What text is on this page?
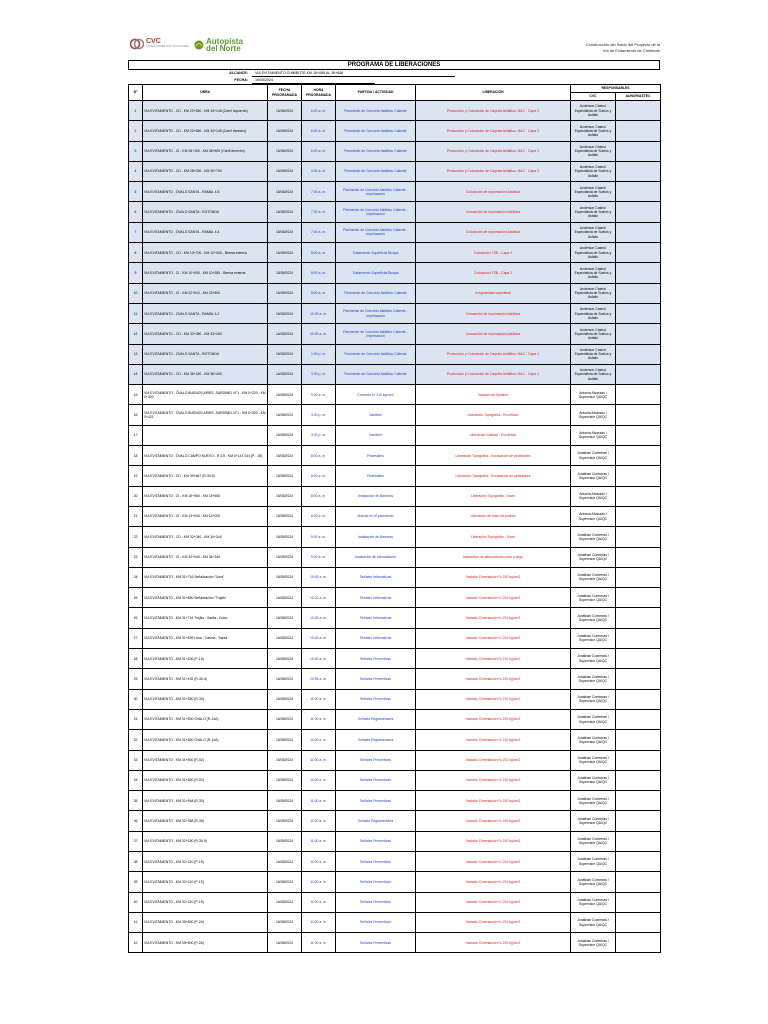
CVC
CONCESIONES VIAL SOLUCIONES
Autopista
del Norte	Construcción del Saldo del Proyecto de la
Vía de Evitamiento de Chimbote
PROGRAMA DE LIBERACIONES
ALCANCE:	VIA EVITAMIENTO CHIMBOTE KM 18+088 AL 38+688
FECHA:	16/05/2024
N°	OBRA	FECHA PROGRAMADA	HORA PROGRAMADA	PARTIDA / ACTIVIDAD	LIBERACIÓN	RESPONSABLES	
						CVC	AUNOR/ASTEC
1	VIA EVITAMIENTO - CD - KM 23+650 - KM 34+145 (Carril izquierdo)	16/05/2024	6:00 a. m.	Pavimento de Concreto Asfáltico Caliente	Producción y Colocación de Carpeta Asfáltica, MAC - Capa 2	Anderson Castro/ Especialista de Suelos y Asfalto	
2	VIA EVITAMIENTO - CD - KM 23+650 - KM 34+145 (Carril derecho)	16/05/2024	6:00 a. m.	Pavimento de Concreto Asfáltico Caliente	Producción y Colocación de Carpeta Asfáltica, MAC - Capa 2	Anderson Castro/ Especialista de Suelos y Asfalto	
3	VIA EVITAMIENTO - CI - KM 28+150 - KM 38+600 (Carril derecho)	16/05/2024	6:00 a. m.	Pavimento de Concreto Asfáltico Caliente	Producción y Colocación de Carpeta Asfáltica, MAC - Capa 1	Anderson Castro/ Especialista de Suelos y Asfalto	
4	VIA EVITAMIENTO - CD - KM 28+030 - KM 30+700	16/05/2024	4:30 a. m.	Pavimento de Concreto Asfáltico Caliente	Producción y Colocación de Carpeta Asfáltica, MAC - Capa 2	Anderson Castro/ Especialista de Suelos y Asfalto	
5	VIA EVITAMIENTO - ÓVALO SANTA - RAMAL 4.5	16/05/2024	7:00 a. m.	Pavimento de Concreto Asfáltico Caliente - Imprimación	Colocación de Imprimación Asfáltica	Anderson Castro/ Especialista de Suelos y Asfalto	
6	VIA EVITAMIENTO - ÓVALO SANTA - ROTONDA	16/05/2024	7:30 a. m.	Pavimento de Concreto Asfáltico Caliente - Imprimación	Colocación de Imprimación Asfáltica	Anderson Castro/ Especialista de Suelos y Asfalto	
7	VIA EVITAMIENTO - ÓVALO SANTA - RAMAL 4.4	16/05/2024	7:40 a. m.	Pavimento de Concreto Asfáltico Caliente - Imprimación	Colocación de Imprimación Asfáltica	Anderson Castro/ Especialista de Suelos y Asfalto	
8	VIA EVITAMIENTO - CD - KM 10+700 - KM 12+000 - Berma externa	16/05/2024	8:00 a. m.	Tratamiento Superficial Bicapa	Colocación TSB - Capa 2	Anderson Castro/ Especialista de Suelos y Asfalto	
9	VIA EVITAMIENTO - CI - KM 10+000 - KM 10+350 - Berma externa	16/05/2024	8:00 a. m.	Tratamiento Superficial Bicapa	Colocación TSB - Capa 2	Anderson Castro/ Especialista de Suelos y Asfalto	
10	VIA EVITAMIENTO - CI - KM 22+010 - KM 23+600	16/05/2024	8:00 a. m.	Pavimento de Concreto Asfáltico Caliente	Irregularidad superficial	Anderson Castro/ Especialista de Suelos y Asfalto	
11	VIA EVITAMIENTO - ÓVALO SANTA - RAMAL 4.2	16/05/2024	10:00 a. m.	Pavimento de Concreto Asfáltico Caliente - Imprimación	Colocación de Imprimación Asfáltica	Anderson Castro/ Especialista de Suelos y Asfalto	
12	VIA EVITAMIENTO - CD - KM 32+080 - KM 33+160	16/05/2024	10:00 a. m.	Pavimento de Concreto Asfáltico Caliente - Imprimación	Colocación de Imprimación Asfáltica	Anderson Castro/ Especialista de Suelos y Asfalto	
13	VIA EVITAMIENTO - ÓVALO SANTA - ROTONDA	16/05/2024	1:30 p. m.	Pavimento de Concreto Asfáltico Caliente	Producción y Colocación de Carpeta Asfáltica, MAC - Capa 1	Anderson Castro/ Especialista de Suelos y Asfalto	
14	VIA EVITAMIENTO - CD - KM 36+180 - KM 36+400	16/05/2024	3:00 p. m.	Pavimento de Concreto Asfáltico Caliente	Producción y Colocación de Carpeta Asfáltica, MAC - Capa 1	Anderson Castro/ Especialista de Suelos y Asfalto	
15	VIA EVITAMIENTO - ÓVALO BUENOS AIRES -SARDINEL N°1 - KM 0+220 - KM 0+320	16/05/2024	9:00 a. m.	Concreto f'c 210 kg/cm2	Vaciado de Sardinel	Antonia Alvarado / Supervisor QA/QC	
16	VIA EVITAMIENTO - ÓVALO BUENOS AIRES -SARDINEL N°1 - KM 0+320 - KM 0+422	16/05/2024	3:30 p. m.	Sardinel	Liberación Topografía - Encofrado	Antonia Alvarado / Supervisor QA/QC	
17		16/05/2024	3:30 p. m.	Sardinel	Liberación Calidad - Encofrado	Antonia Alvarado / Supervisor QA/QC	
18	VIA EVITAMIENTO - ÓVALO CAMPO NUEVO - R 3.5 - KM 0+147.044 (P - 1B)	16/05/2024	8:00 a. m.	Pedestales	Liberación Topografía - Excavación de pedestales	Jonathan Contreras / Supervisor QA/QC	
19	VIA EVITAMIENTO - CD - Km 39+667 (R-30-5)	16/05/2024	8:00 a. m.	Pedestales	Liberación Topografía - Excavación de pedestales	Jonathan Contreras / Supervisor QA/QC	
20	VIA EVITAMIENTO - CI - KM 15+060 - KM 15+660	16/05/2024	8:00 a. m.	Instalación de Barreras	Liberación Topografía - Trazo	Antonia Alvarado / Supervisor QA/QC	
21	VIA EVITAMIENTO - CI - KM 13+000 - KM 14+000	16/05/2024	8:30 a. m.	Marcas en el pavimento	Liberación de trazo de pintura	Antonia Alvarado / Supervisor QA/QC	
22	VIA EVITAMIENTO - CD - KM 32+040 - KM 34+340	16/05/2024	9:00 a. m.	Instalación de Barreras	Liberación Topografía - Trazo	Jonathan Contreras / Supervisor QA/QC	
23	VIA EVITAMIENTO - CI - KM 32+040 - KM 34+340	16/05/2024	9:00 a. m.	Instalación de Atenuadores	Instalación de atenuadores corto y largo	Jonathan Contreras / Supervisor QA/QC	
24	VIA EVITAMIENTO - KM 31+716 Señalización "Lima"	16/05/2024	10:00 a. m.	Señales Informativas	Vaciado Cimentación f'c 210 kg/cm2	Jonathan Contreras / Supervisor QA/QC	
25	VIA EVITAMIENTO - KM 31+890 Señalización "Trujillo"	16/05/2024	10:20 a. m.	Señales Informativas	Vaciado Cimentación f'c 210 kg/cm2	Jonathan Contreras / Supervisor QA/QC	
26	VIA EVITAMIENTO - KM 31+716 Trujillo - Santa - Coisc	16/05/2024	10:30 a. m.	Señales Informativas	Vaciado Cimentación f'c 210 kg/cm2	Jonathan Contreras / Supervisor QA/QC	
27	VIA EVITAMIENTO - KM 31+895 Lima - Casma - Santa	16/05/2024	10:40 a. m.	Señales Informativas	Vaciado Cimentación f'c 210 kg/cm2	Jonathan Contreras / Supervisor QA/QC	
28	VIA EVITAMIENTO - KM 31+400 (P-1S)	16/05/2024	10:50 a. m.	Señales Preventivas	Vaciado Cimentación f'c 210 kg/cm2	Jonathan Contreras / Supervisor QA/QC	
29	VIA EVITAMIENTO - KM 31+432 (R-30-4)	16/05/2024	10:55 a. m.	Señales Preventivas	Vaciado Cimentación f'c 210 kg/cm2	Jonathan Contreras / Supervisor QA/QC	
30	VIA EVITAMIENTO - KM 31+550 (R-30)	16/05/2024	11:00 a. m.	Señales Preventivas	Vaciado Cimentación f'c 210 kg/cm2	Jonathan Contreras / Supervisor QA/QC	
31	VIA EVITAMIENTO - KM 31+800 ÓVALO (R-14A)	16/05/2024	11:00 a. m.	Señales Reglamentaria	Vaciado Cimentación f'c 210 kg/cm2	Jonathan Contreras / Supervisor QA/QC	
32	VIA EVITAMIENTO - KM 31+800 ÓVALO (R-14A)	16/05/2024	11:00 a. m.	Señales Reglamentaria	Vaciado Cimentación f'c 210 kg/cm2	Jonathan Contreras / Supervisor QA/QC	
33	VIA EVITAMIENTO - KM 31+800 (R-52)	16/05/2024	11:00 a. m.	Señales Preventivas	Vaciado Cimentación f'c 210 kg/cm2	Jonathan Contreras / Supervisor QA/QC	
34	VIA EVITAMIENTO - KM 31+800 (R-52)	16/05/2024	11:00 a. m.	Señales Preventivas	Vaciado Cimentación f'c 210 kg/cm2	Jonathan Contreras / Supervisor QA/QC	
35	VIA EVITAMIENTO - KM 31+948 (R-30)	16/05/2024	11:00 a. m.	Señales Preventivas	Vaciado Cimentación f'c 210 kg/cm2	Jonathan Contreras / Supervisor QA/QC	
36	VIA EVITAMIENTO - KM 32+368 (R-30)	16/05/2024	11:00 a. m.	Señales Reglamentaria	Vaciado Cimentación f'c 210 kg/cm2	Jonathan Contreras / Supervisor QA/QC	
37	VIA EVITAMIENTO - KM 32+180 (R-30-5)	16/05/2024	11:00 a. m.	Señales Preventivas	Vaciado Cimentación f'c 210 kg/cm2	Jonathan Contreras / Supervisor QA/QC	
38	VIA EVITAMIENTO - KM 32+210 (P-1S)	16/05/2024	11:00 a. m.	Señales Preventivas	Vaciado Cimentación f'c 210 kg/cm2	Jonathan Contreras / Supervisor QA/QC	
39	VIA EVITAMIENTO - KM 32+210 (P-1S)	16/05/2024	11:00 a. m.	Señales Preventivas	Vaciado Cimentación f'c 210 kg/cm2	Jonathan Contreras / Supervisor QA/QC	
40	VIA EVITAMIENTO - KM 32+210 (P-1S)	16/05/2024	11:00 a. m.	Señales Preventivas	Vaciado Cimentación f'c 210 kg/cm2	Jonathan Contreras / Supervisor QA/QC	
41	VIA EVITAMIENTO - KM 35+800 (P-2A)	16/05/2024	11:00 a. m.	Señales Preventivas	Vaciado Cimentación f'c 210 kg/cm2	Jonathan Contreras / Supervisor QA/QC	
42	VIA EVITAMIENTO - KM 35+800 (P-2A)	16/05/2024	11:00 a. m.	Señales Preventivas	Vaciado Cimentación f'c 210 kg/cm2	Jonathan Contreras / Supervisor QA/QC	
